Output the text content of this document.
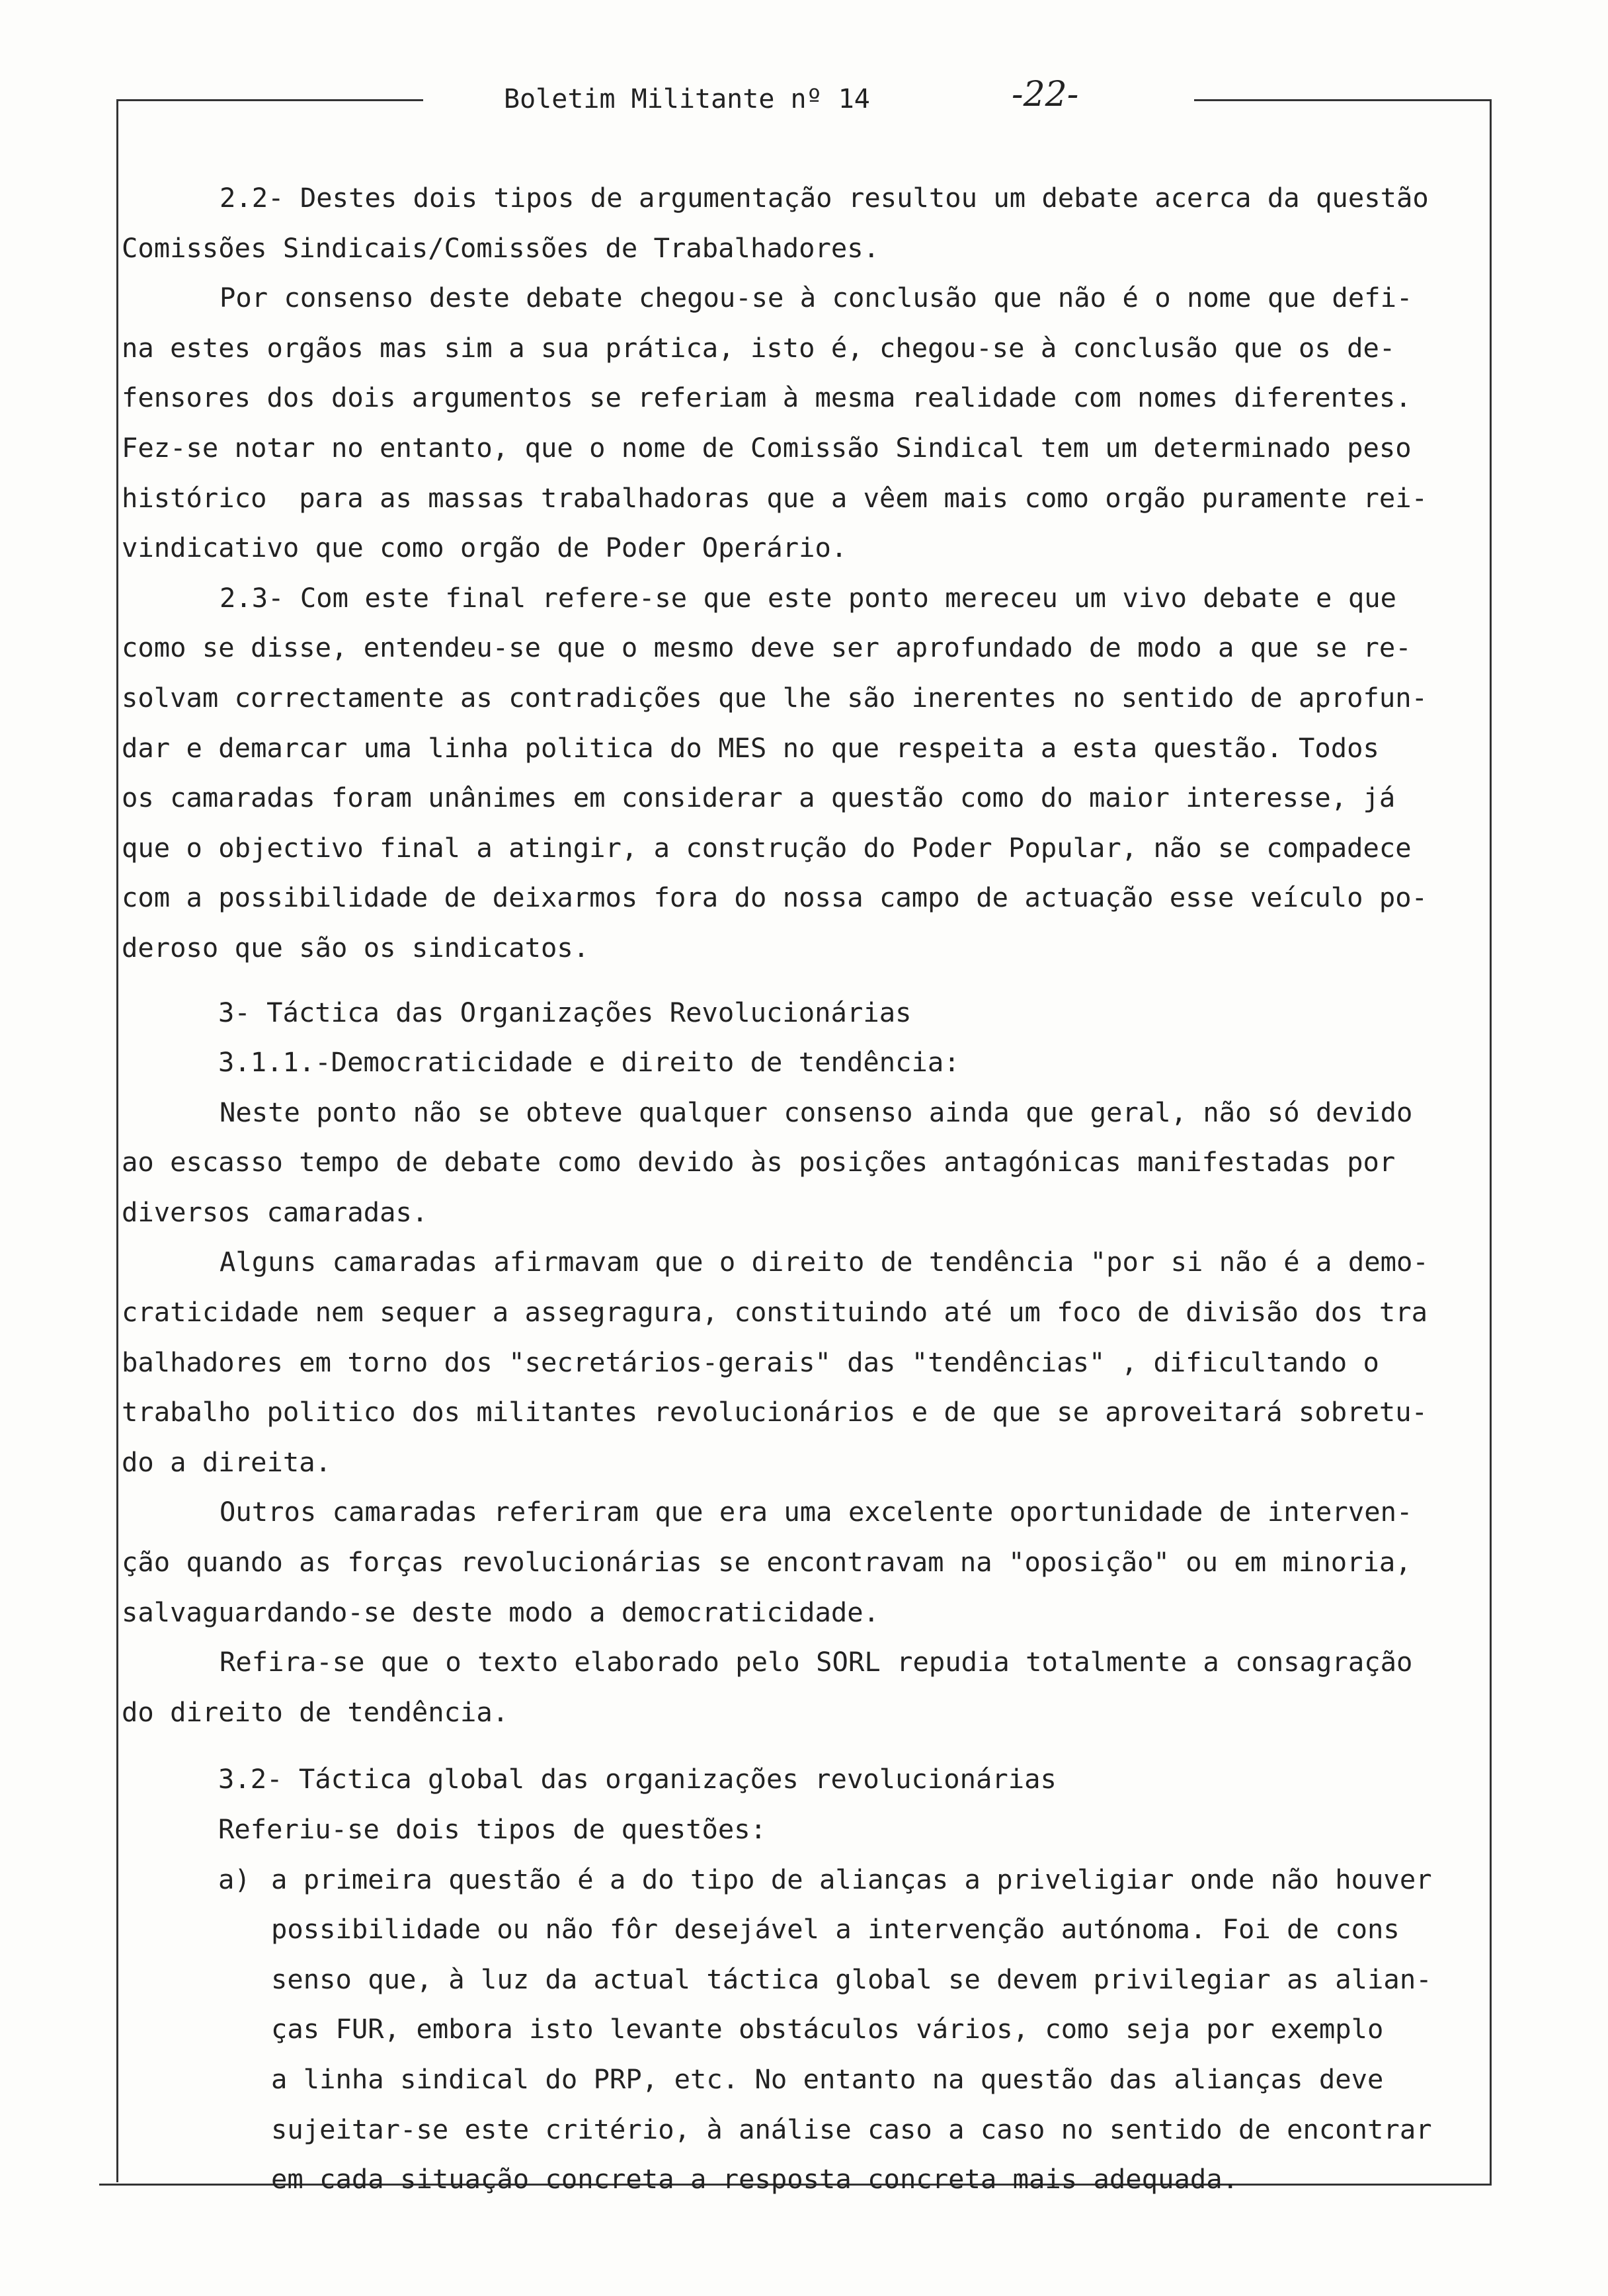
Boletim Militante nº 14	-22-
2.2- Destes dois tipos de argumentação resultou um debate acerca da questão
Comissões Sindicais/Comissões de Trabalhadores.
Por consenso deste debate chegou-se à conclusão que não é o nome que defi-
na estes orgãos mas sim a sua prática, isto é, chegou-se à conclusão que os de-
fensores dos dois argumentos se referiam à mesma realidade com nomes diferentes.
Fez-se notar no entanto, que o nome de Comissão Sindical tem um determinado peso
histórico  para as massas trabalhadoras que a vêem mais como orgão puramente rei-
vindicativo que como orgão de Poder Operário.
2.3- Com este final refere-se que este ponto mereceu um vivo debate e que
como se disse, entendeu-se que o mesmo deve ser aprofundado de modo a que se re-
solvam correctamente as contradições que lhe são inerentes no sentido de aprofun-
dar e demarcar uma linha politica do MES no que respeita a esta questão. Todos
os camaradas foram unânimes em considerar a questão como do maior interesse, já
que o objectivo final a atingir, a construção do Poder Popular, não se compadece
com a possibilidade de deixarmos fora do nossa campo de actuação esse veículo po-
deroso que são os sindicatos.
3- Táctica das Organizações Revolucionárias
3.1.1.-Democraticidade e direito de tendência:
Neste ponto não se obteve qualquer consenso ainda que geral, não só devido
ao escasso tempo de debate como devido às posições antagónicas manifestadas por
diversos camaradas.
Alguns camaradas afirmavam que o direito de tendência "por si não é a demo-
craticidade nem sequer a assegragura, constituindo até um foco de divisão dos tra
balhadores em torno dos "secretários-gerais" das "tendências" , dificultando o
trabalho politico dos militantes revolucionários e de que se aproveitará sobretu-
do a direita.
Outros camaradas referiram que era uma excelente oportunidade de interven-
ção quando as forças revolucionárias se encontravam na "oposição" ou em minoria,
salvaguardando-se deste modo a democraticidade.
Refira-se que o texto elaborado pelo SORL repudia totalmente a consagração
do direito de tendência.
3.2- Táctica global das organizações revolucionárias
Referiu-se dois tipos de questões:
a) a primeira questão é a do tipo de alianças a priveligiar onde não houver
possibilidade ou não fôr desejável a intervenção autónoma. Foi de cons
senso que, à luz da actual táctica global se devem privilegiar as alian-
ças FUR, embora isto levante obstáculos vários, como seja por exemplo
a linha sindical do PRP, etc. No entanto na questão das alianças deve
sujeitar-se este critério, à análise caso a caso no sentido de encontrar
em cada situação concreta a resposta concreta mais adequada.
